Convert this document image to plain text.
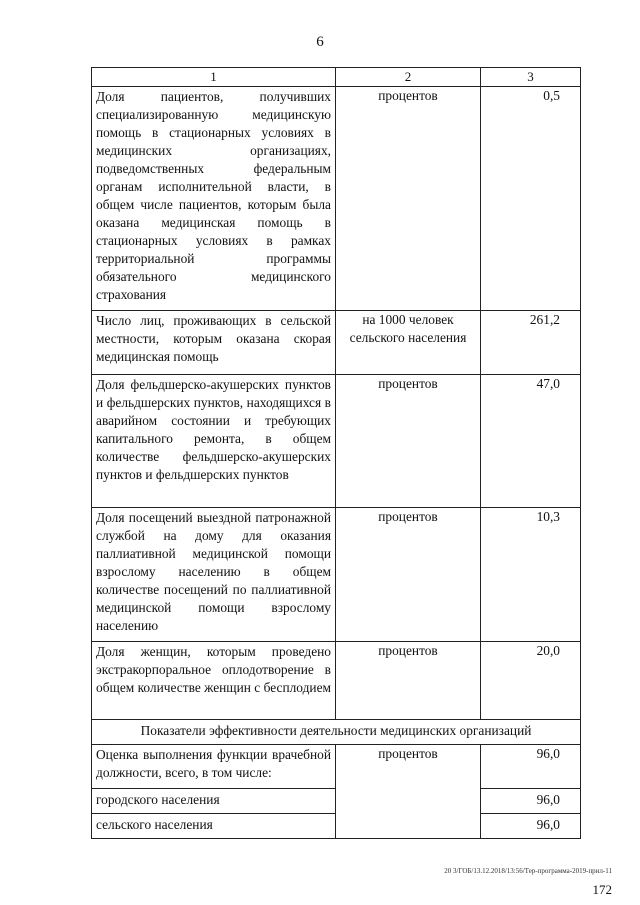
6
1	2	3
Доля пациентов, получивших специализированную медицинскую помощь в стационарных условиях в медицинских организациях, подведомственных федеральным органам исполнительной власти, в общем числе пациентов, которым была оказана медицинская помощь в стационарных условиях в рамках территориальной программы обязательного медицинского страхования	процентов	0,5
Число лиц, проживающих в сельской местности, которым оказана скорая медицинская помощь	на 1000 человек сельского населения	261,2
Доля фельдшерско-акушерских пунктов и фельдшерских пунктов, находящихся в аварийном состоянии и требующих капитального ремонта, в общем количестве фельдшерско-акушерских пунктов и фельдшерских пунктов	процентов	47,0
Доля посещений выездной патронажной службой на дому для оказания паллиативной медицинской помощи взрослому населению в общем количестве посещений по паллиативной медицинской помощи взрослому населению	процентов	10,3
Доля женщин, которым проведено экстракорпоральное оплодотворение в общем количестве женщин с бесплодием	процентов	20,0
Показатели эффективности деятельности медицинских организаций		
Оценка выполнения функции врачебной должности, всего, в том числе:	процентов	96,0
городского населения		96,0
сельского населения		96,0
20 3/ГОБ/13.12.2018/13:56/Тер-программа-2019-прил-11
172
